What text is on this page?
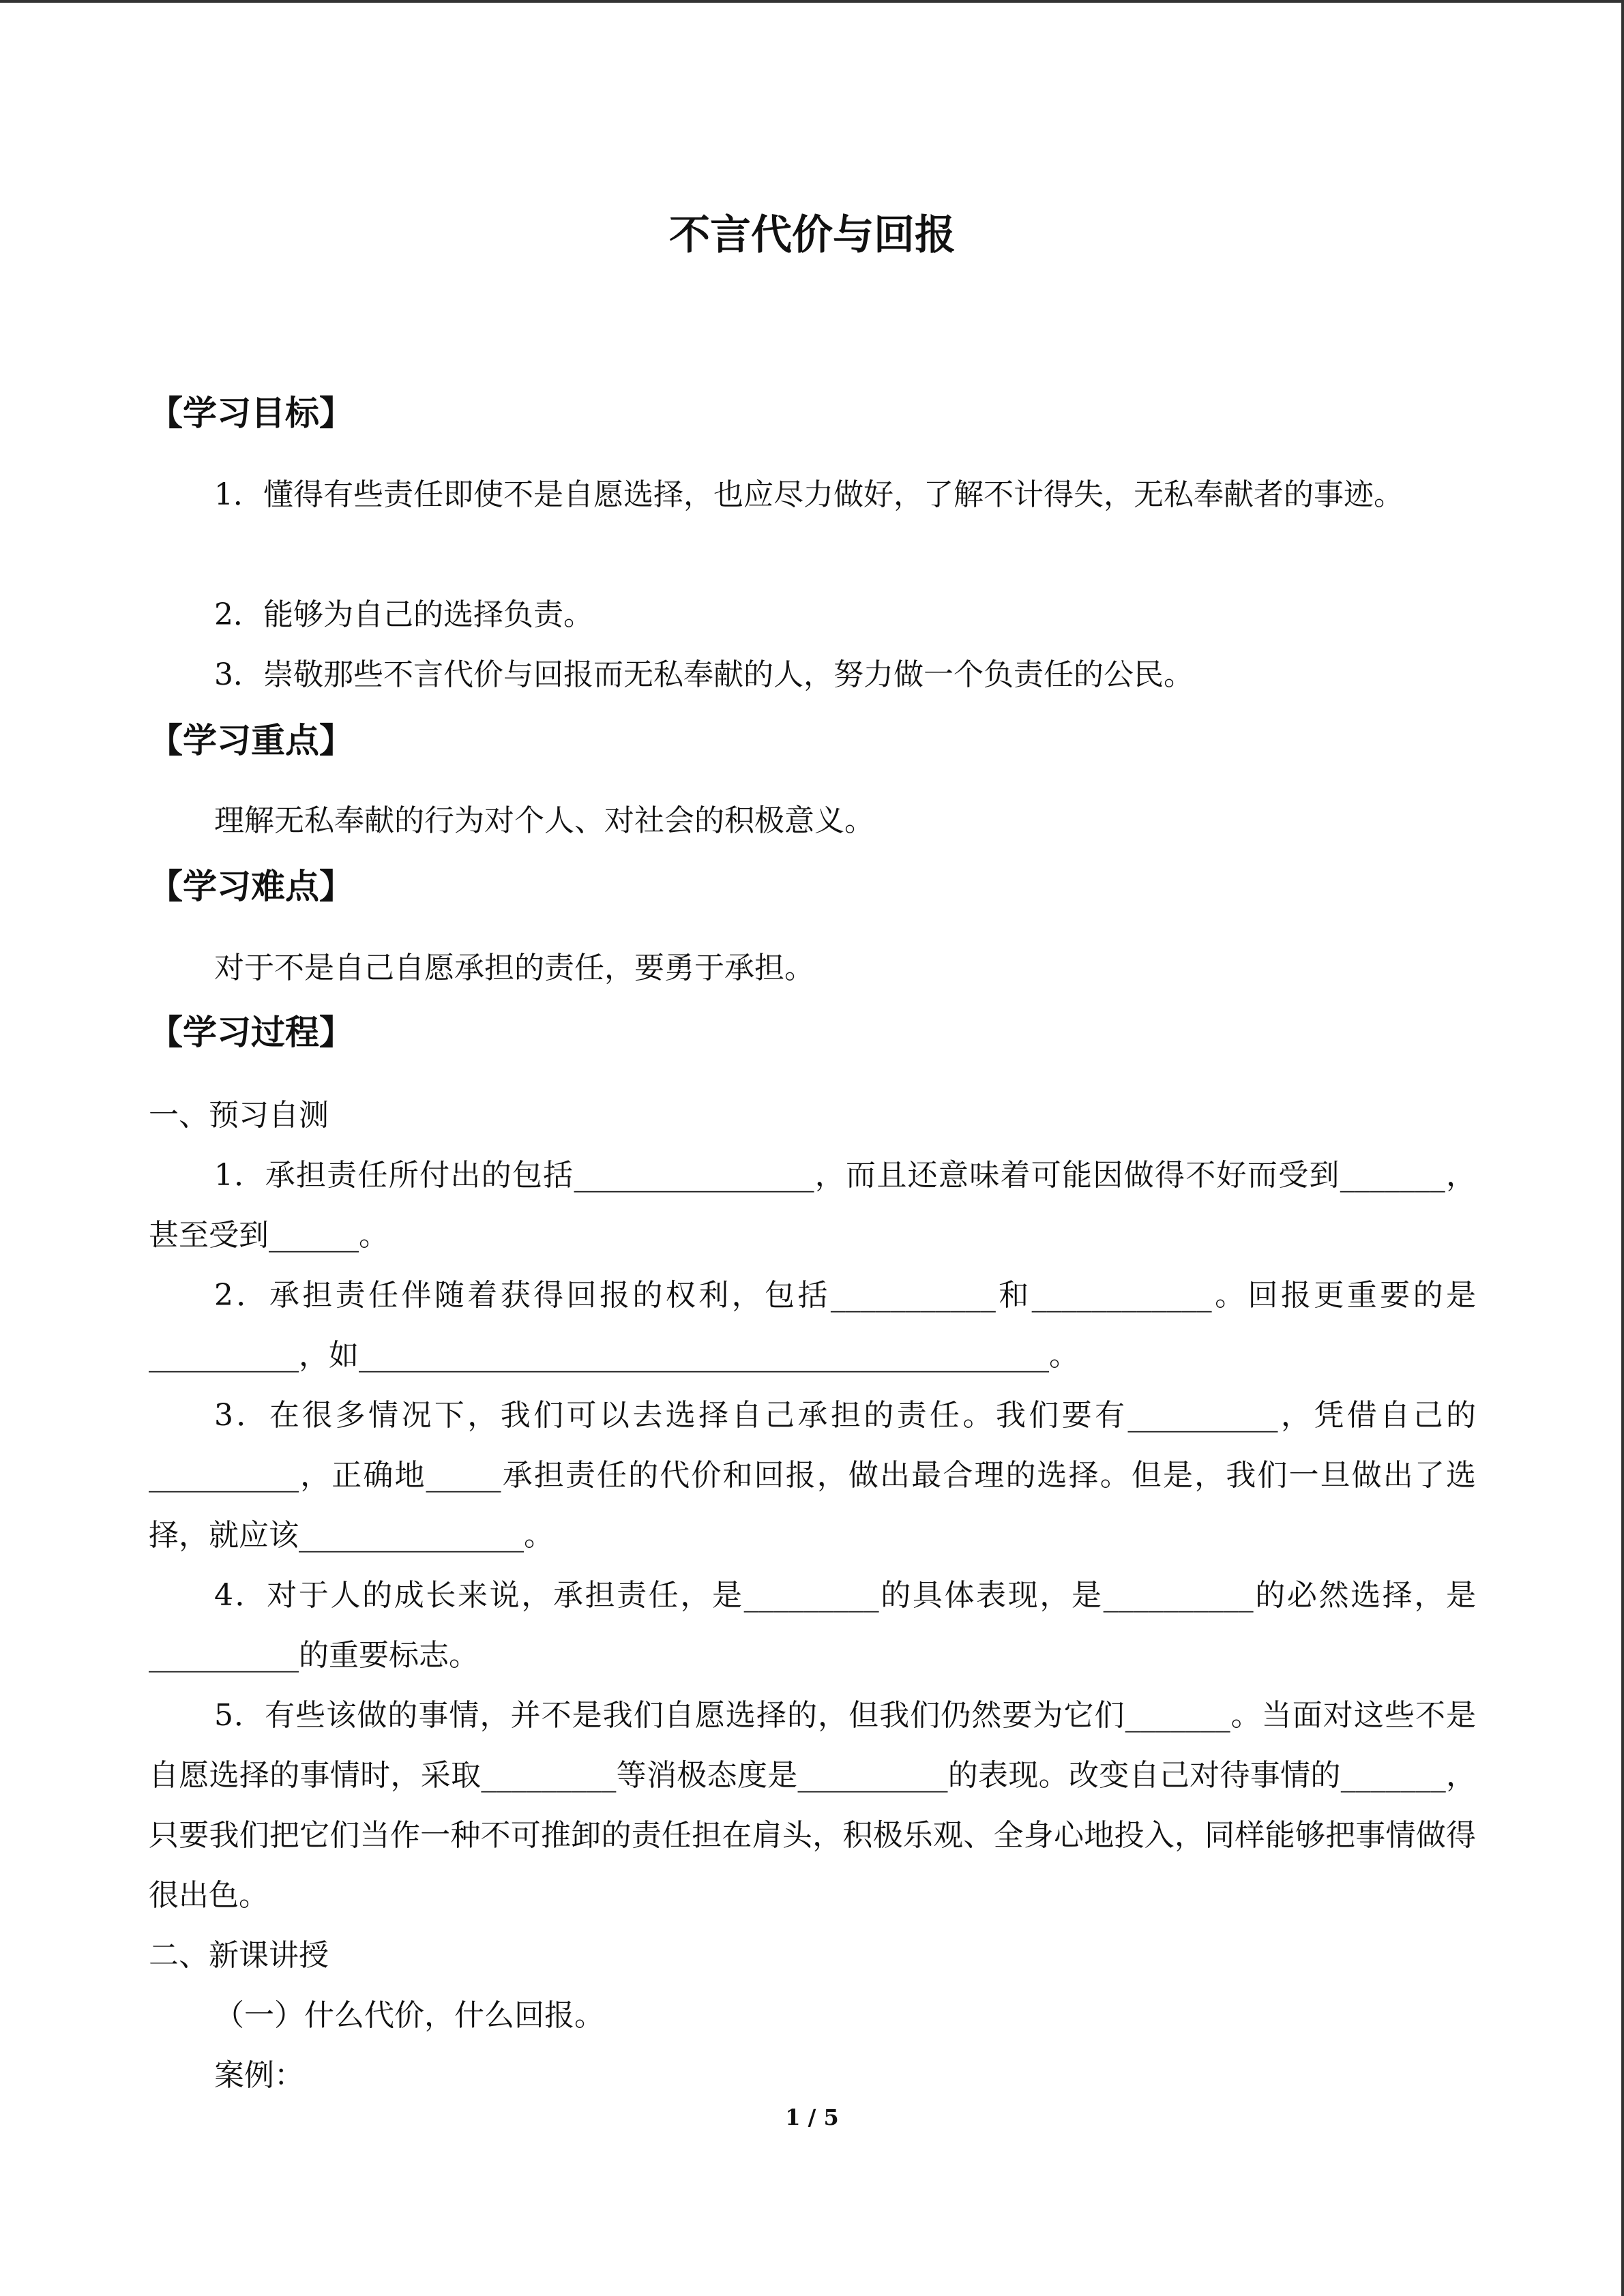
不言代价与回报
【学习目标】

1．懂得有些责任即使不是自愿选择，也应尽力做好，了解不计得失，无私奉献者的事迹。

2．能够为自己的选择负责。

3．崇敬那些不言代价与回报而无私奉献的人，努力做一个负责任的公民。

【学习重点】

理解无私奉献的行为对个人、对社会的积极意义。

【学习难点】

对于不是自己自愿承担的责任，要勇于承担。

【学习过程】

一、预习自测

1．承担责任所付出的包括________________，而且还意味着可能因做得不好而受到_______，甚至受到______。

2．承担责任伴随着获得回报的权利，包括___________和____________。回报更重要的是__________，如______________________________________________。

3．在很多情况下，我们可以去选择自己承担的责任。我们要有__________，凭借自己的__________，正确地_____承担责任的代价和回报，做出最合理的选择。但是，我们一旦做出了选择，就应该_______________。

4．对于人的成长来说，承担责任，是_________的具体表现，是__________的必然选择，是__________的重要标志。

5．有些该做的事情，并不是我们自愿选择的，但我们仍然要为它们_______。当面对这些不是自愿选择的事情时，采取_________等消极态度是__________的表现。改变自己对待事情的_______，只要我们把它们当作一种不可推卸的责任担在肩头，积极乐观、全身心地投入，同样能够把事情做得很出色。

二、新课讲授

（一）什么代价，什么回报。

案例：

1 / 5
